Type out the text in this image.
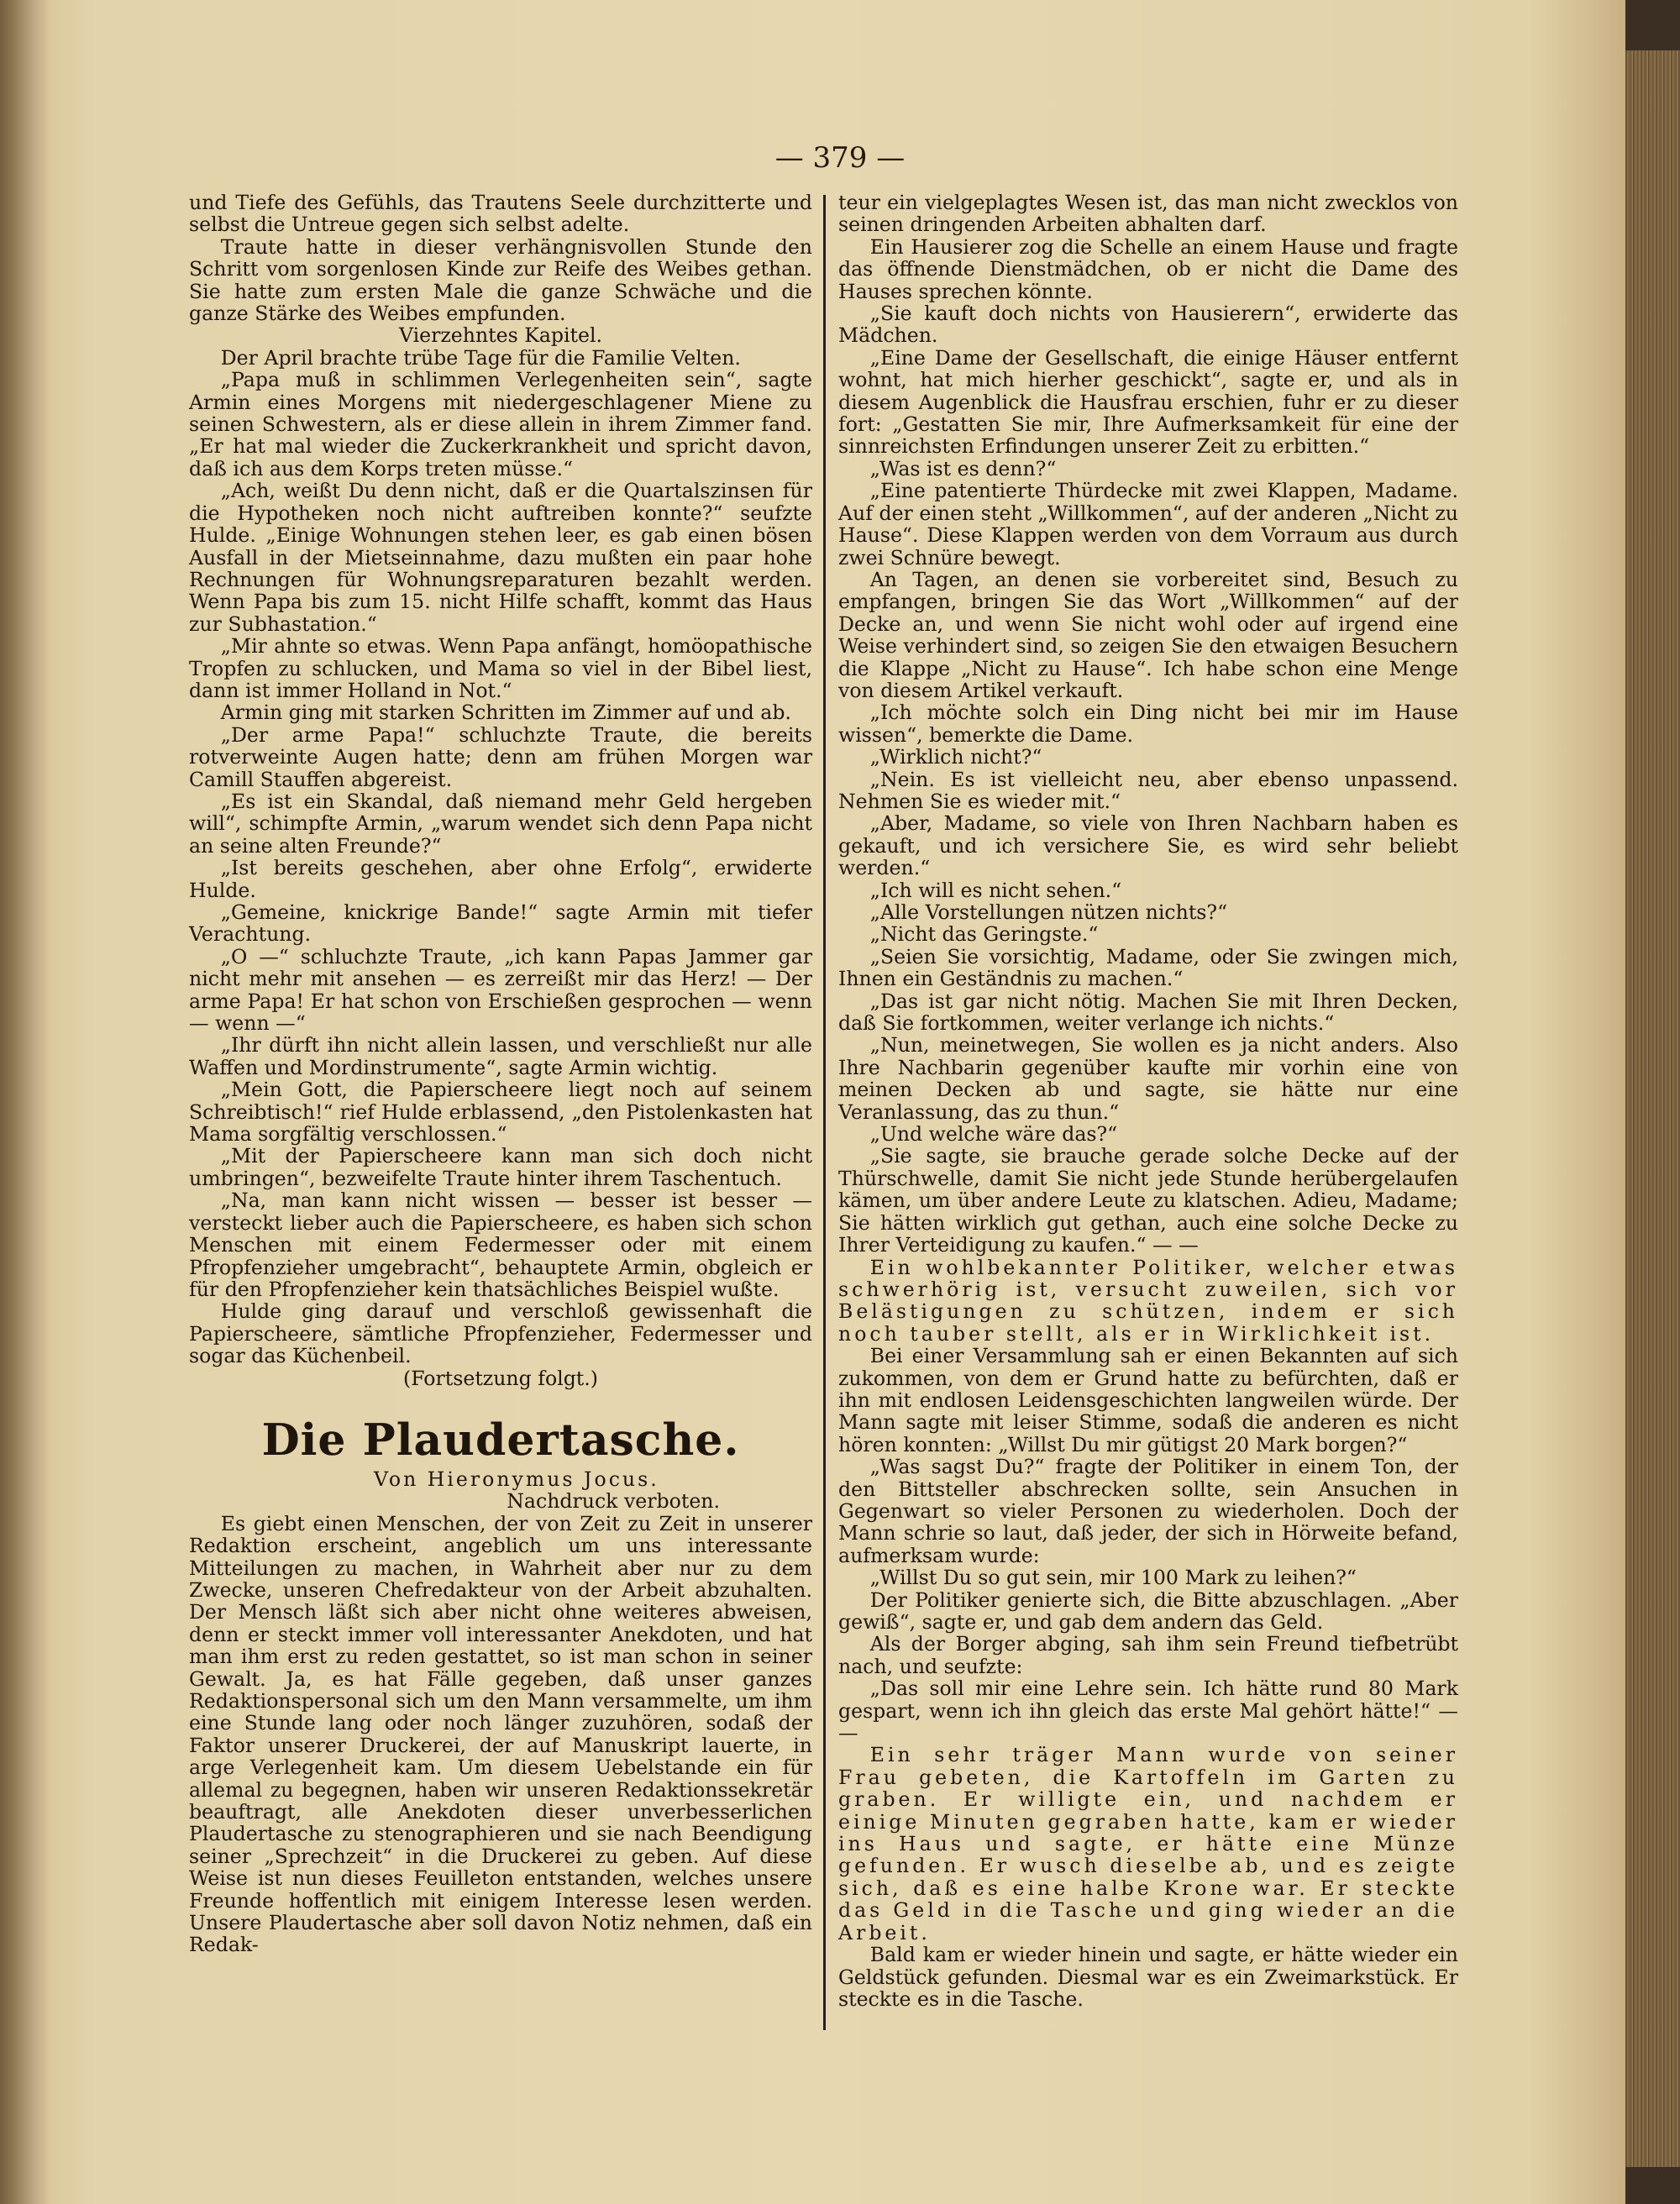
— 379 —

und Tiefe des Gefühls, das Trautens Seele durchzitterte und selbst die Untreue gegen sich selbst adelte.

Traute hatte in dieser verhängnisvollen Stunde den Schritt vom sorgenlosen Kinde zur Reife des Weibes gethan. Sie hatte zum ersten Male die ganze Schwäche und die ganze Stärke des Weibes empfunden.

Vierzehntes Kapitel.

Der April brachte trübe Tage für die Familie Velten.

„Papa muß in schlimmen Verlegenheiten sein“, sagte Armin eines Morgens mit niedergeschlagener Miene zu seinen Schwestern, als er diese allein in ihrem Zimmer fand. „Er hat mal wieder die Zuckerkrankheit und spricht davon, daß ich aus dem Korps treten müsse.“

„Ach, weißt Du denn nicht, daß er die Quartalszinsen für die Hypotheken noch nicht auftreiben konnte?“ seufzte Hulde. „Einige Wohnungen stehen leer, es gab einen bösen Ausfall in der Mietseinnahme, dazu mußten ein paar hohe Rechnungen für Wohnungsreparaturen bezahlt werden. Wenn Papa bis zum 15. nicht Hilfe schafft, kommt das Haus zur Subhastation.“

„Mir ahnte so etwas. Wenn Papa anfängt, homöopathische Tropfen zu schlucken, und Mama so viel in der Bibel liest, dann ist immer Holland in Not.“

Armin ging mit starken Schritten im Zimmer auf und ab.

„Der arme Papa!“ schluchzte Traute, die bereits rotverweinte Augen hatte; denn am frühen Morgen war Camill Stauffen abgereist.

„Es ist ein Skandal, daß niemand mehr Geld hergeben will“, schimpfte Armin, „warum wendet sich denn Papa nicht an seine alten Freunde?“

„Ist bereits geschehen, aber ohne Erfolg“, erwiderte Hulde.

„Gemeine, knickrige Bande!“ sagte Armin mit tiefer Verachtung.

„O —“ schluchzte Traute, „ich kann Papas Jammer gar nicht mehr mit ansehen — es zerreißt mir das Herz! — Der arme Papa! Er hat schon von Erschießen gesprochen — wenn — wenn —“

„Ihr dürft ihn nicht allein lassen, und verschließt nur alle Waffen und Mordinstrumente“, sagte Armin wichtig.

„Mein Gott, die Papierscheere liegt noch auf seinem Schreibtisch!“ rief Hulde erblassend, „den Pistolenkasten hat Mama sorgfältig verschlossen.“

„Mit der Papierscheere kann man sich doch nicht umbringen“, bezweifelte Traute hinter ihrem Taschentuch.

„Na, man kann nicht wissen — besser ist besser — versteckt lieber auch die Papierscheere, es haben sich schon Menschen mit einem Federmesser oder mit einem Pfropfenzieher umgebracht“, behauptete Armin, obgleich er für den Pfropfenzieher kein thatsächliches Beispiel wußte.

Hulde ging darauf und verschloß gewissenhaft die Papierscheere, sämtliche Pfropfenzieher, Federmesser und sogar das Küchenbeil.

(Fortsetzung folgt.)

Die Plaudertasche.

Von Hieronymus Jocus.

Nachdruck verboten.

Es giebt einen Menschen, der von Zeit zu Zeit in unserer Redaktion erscheint, angeblich um uns interessante Mitteilungen zu machen, in Wahrheit aber nur zu dem Zwecke, unseren Chefredakteur von der Arbeit abzuhalten. Der Mensch läßt sich aber nicht ohne weiteres abweisen, denn er steckt immer voll interessanter Anekdoten, und hat man ihm erst zu reden gestattet, so ist man schon in seiner Gewalt. Ja, es hat Fälle gegeben, daß unser ganzes Redaktionspersonal sich um den Mann versammelte, um ihm eine Stunde lang oder noch länger zuzuhören, sodaß der Faktor unserer Druckerei, der auf Manuskript lauerte, in arge Verlegenheit kam. Um diesem Uebelstande ein für allemal zu begegnen, haben wir unseren Redaktionssekretär beauftragt, alle Anekdoten dieser unverbesserlichen Plaudertasche zu stenographieren und sie nach Beendigung seiner „Sprechzeit“ in die Druckerei zu geben. Auf diese Weise ist nun dieses Feuilleton entstanden, welches unsere Freunde hoffentlich mit einigem Interesse lesen werden. Unsere Plaudertasche aber soll davon Notiz nehmen, daß ein Redak-

teur ein vielgeplagtes Wesen ist, das man nicht zwecklos von seinen dringenden Arbeiten abhalten darf.

Ein Hausierer zog die Schelle an einem Hause und fragte das öffnende Dienstmädchen, ob er nicht die Dame des Hauses sprechen könnte.

„Sie kauft doch nichts von Hausierern“, erwiderte das Mädchen.

„Eine Dame der Gesellschaft, die einige Häuser entfernt wohnt, hat mich hierher geschickt“, sagte er, und als in diesem Augenblick die Hausfrau erschien, fuhr er zu dieser fort: „Gestatten Sie mir, Ihre Aufmerksamkeit für eine der sinnreichsten Erfindungen unserer Zeit zu erbitten.“

„Was ist es denn?“

„Eine patentierte Thürdecke mit zwei Klappen, Madame. Auf der einen steht „Willkommen“, auf der anderen „Nicht zu Hause“. Diese Klappen werden von dem Vorraum aus durch zwei Schnüre bewegt.

An Tagen, an denen sie vorbereitet sind, Besuch zu empfangen, bringen Sie das Wort „Willkommen“ auf der Decke an, und wenn Sie nicht wohl oder auf irgend eine Weise verhindert sind, so zeigen Sie den etwaigen Besuchern die Klappe „Nicht zu Hause“. Ich habe schon eine Menge von diesem Artikel verkauft.

„Ich möchte solch ein Ding nicht bei mir im Hause wissen“, bemerkte die Dame.

„Wirklich nicht?“

„Nein. Es ist vielleicht neu, aber ebenso unpassend. Nehmen Sie es wieder mit.“

„Aber, Madame, so viele von Ihren Nachbarn haben es gekauft, und ich versichere Sie, es wird sehr beliebt werden.“

„Ich will es nicht sehen.“

„Alle Vorstellungen nützen nichts?“

„Nicht das Geringste.“

„Seien Sie vorsichtig, Madame, oder Sie zwingen mich, Ihnen ein Geständnis zu machen.“

„Das ist gar nicht nötig. Machen Sie mit Ihren Decken, daß Sie fortkommen, weiter verlange ich nichts.“

„Nun, meinetwegen, Sie wollen es ja nicht anders. Also Ihre Nachbarin gegenüber kaufte mir vorhin eine von meinen Decken ab und sagte, sie hätte nur eine Veranlassung, das zu thun.“

„Und welche wäre das?“

„Sie sagte, sie brauche gerade solche Decke auf der Thürschwelle, damit Sie nicht jede Stunde herübergelaufen kämen, um über andere Leute zu klatschen. Adieu, Madame; Sie hätten wirklich gut gethan, auch eine solche Decke zu Ihrer Verteidigung zu kaufen.“ — —

Ein wohlbekannter Politiker, welcher etwas schwerhörig ist, versucht zuweilen, sich vor Belästigungen zu schützen, indem er sich noch tauber stellt, als er in Wirklichkeit ist.

Bei einer Versammlung sah er einen Bekannten auf sich zukommen, von dem er Grund hatte zu befürchten, daß er ihn mit endlosen Leidensgeschichten langweilen würde. Der Mann sagte mit leiser Stimme, sodaß die anderen es nicht hören konnten: „Willst Du mir gütigst 20 Mark borgen?“

„Was sagst Du?“ fragte der Politiker in einem Ton, der den Bittsteller abschrecken sollte, sein Ansuchen in Gegenwart so vieler Personen zu wiederholen. Doch der Mann schrie so laut, daß jeder, der sich in Hörweite befand, aufmerksam wurde:

„Willst Du so gut sein, mir 100 Mark zu leihen?“

Der Politiker genierte sich, die Bitte abzuschlagen. „Aber gewiß“, sagte er, und gab dem andern das Geld.

Als der Borger abging, sah ihm sein Freund tiefbetrübt nach, und seufzte:

„Das soll mir eine Lehre sein. Ich hätte rund 80 Mark gespart, wenn ich ihn gleich das erste Mal gehört hätte!“ — —

Ein sehr träger Mann wurde von seiner Frau gebeten, die Kartoffeln im Garten zu graben. Er willigte ein, und nachdem er einige Minuten gegraben hatte, kam er wieder ins Haus und sagte, er hätte eine Münze gefunden. Er wusch dieselbe ab, und es zeigte sich, daß es eine halbe Krone war. Er steckte das Geld in die Tasche und ging wieder an die Arbeit.

Bald kam er wieder hinein und sagte, er hätte wieder ein Geldstück gefunden. Diesmal war es ein Zweimarkstück. Er steckte es in die Tasche.
